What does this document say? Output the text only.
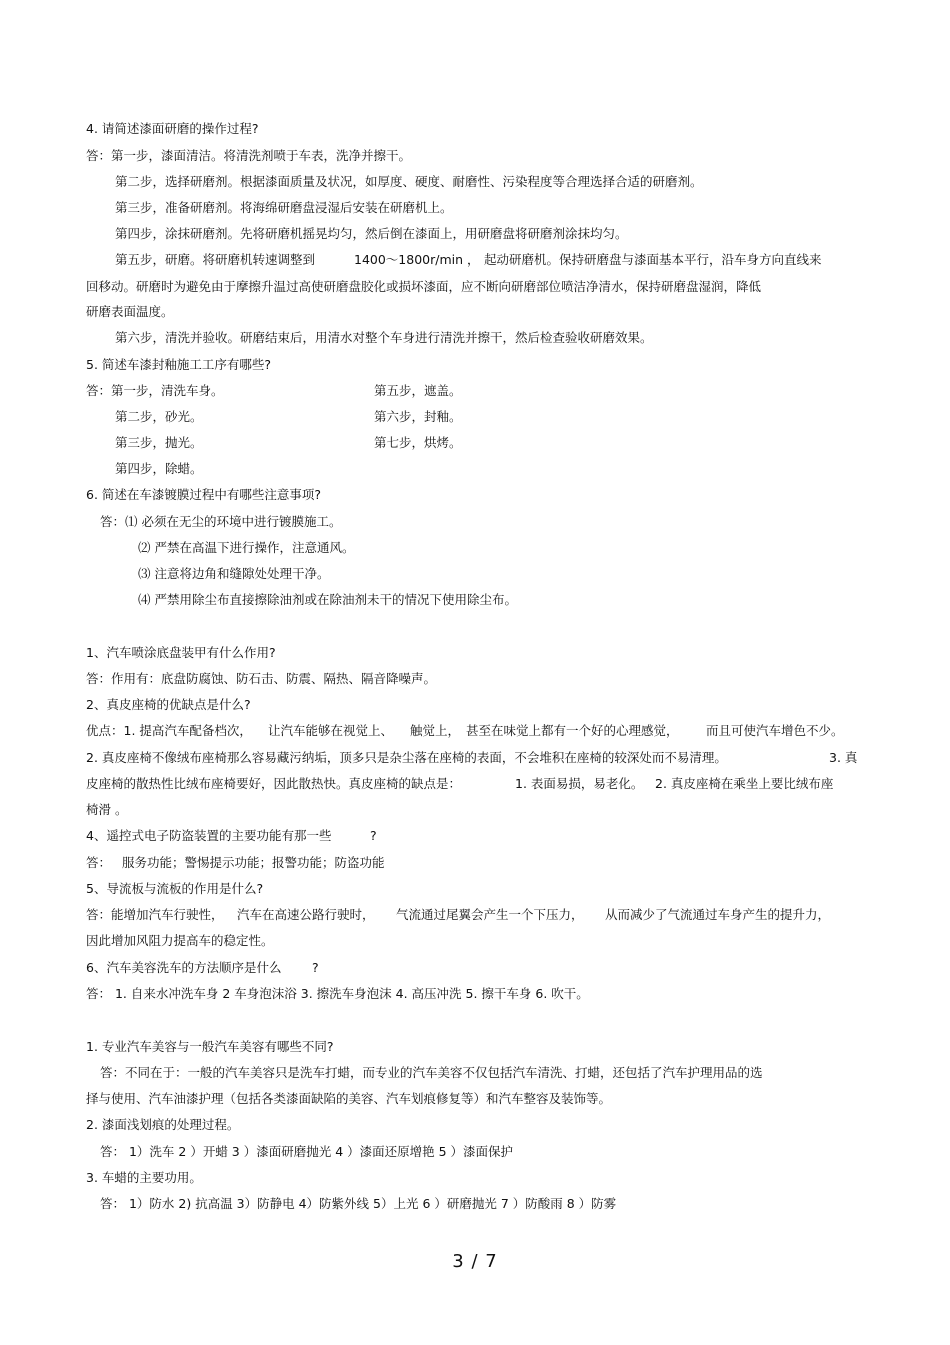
4. 请简述漆面研磨的操作过程?

答：第一步，漆面清洁。将清洗剂喷于车表，洗净并擦干。

第二步，选择研磨剂。根据漆面质量及状况，如厚度、硬度、耐磨性、污染程度等合理选择合适的研磨剂。

第三步，准备研磨剂。将海绵研磨盘浸湿后安装在研磨机上。

第四步，涂抹研磨剂。先将研磨机摇晃均匀，然后倒在漆面上，用研磨盘将研磨剂涂抹均匀。

第五步，研磨。将研磨机转速调整到	1400～1800r/min ， 起动研磨机。保持研磨盘与漆面基本平行，沿车身方向直线来

回移动。研磨时为避免由于摩擦升温过高使研磨盘胶化或损坏漆面，应不断向研磨部位喷洁净清水，保持研磨盘湿润，降低

研磨表面温度。

第六步，清洗并验收。研磨结束后，用清水对整个车身进行清洗并擦干，然后检查验收研磨效果。

5. 简述车漆封釉施工工序有哪些?

答：第一步，清洗车身。	第五步，遮盖。

第二步，砂光。	第六步，封釉。

第三步，抛光。	第七步，烘烤。

第四步，除蜡。

6. 简述在车漆镀膜过程中有哪些注意事项?

答：⑴ 必须在无尘的环境中进行镀膜施工。

⑵ 严禁在高温下进行操作，注意通风。

⑶ 注意将边角和缝隙处处理干净。

⑷ 严禁用除尘布直接擦除油剂或在除油剂未干的情况下使用除尘布。

1、汽车喷涂底盘装甲有什么作用?

答：作用有：底盘防腐蚀、防石击、防震、隔热、隔音降噪声。

2、真皮座椅的优缺点是什么?

优点：1. 提高汽车配备档次， 让汽车能够在视觉上、 触觉上， 甚至在味觉上都有一个好的心理感觉， 而且可使汽车增色不少。

2. 真皮座椅不像绒布座椅那么容易藏污纳垢，顶多只是杂尘落在座椅的表面，不会堆积在座椅的较深处而不易清理。	3. 真

皮座椅的散热性比绒布座椅要好，因此散热快。真皮座椅的缺点是：	1. 表面易损，易老化。 2. 真皮座椅在乘坐上要比绒布座

椅滑 。

4、遥控式电子防盗装置的主要功能有那一些	?

答： 服务功能；警惕提示功能；报警功能；防盗功能

5、导流板与流板的作用是什么?

答：能增加汽车行驶性， 汽车在高速公路行驶时， 气流通过尾翼会产生一个下压力， 从而减少了气流通过车身产生的提升力，

因此增加风阻力提高车的稳定性。

6、汽车美容洗车的方法顺序是什么 ?

答： 1. 自来水冲洗车身 2 车身泡沫浴 3. 擦洗车身泡沫 4. 高压冲洗 5. 擦干车身 6. 吹干。

1. 专业汽车美容与一般汽车美容有哪些不同?

答：不同在于：一般的汽车美容只是洗车打蜡，而专业的汽车美容不仅包括汽车清洗、打蜡，还包括了汽车护理用品的选

择与使用、汽车油漆护理（包括各类漆面缺陷的美容、汽车划痕修复等）和汽车整容及装饰等。

2. 漆面浅划痕的处理过程。

答： 1）洗车 2 ）开蜡 3 ）漆面研磨抛光 4 ）漆面还原增艳 5 ）漆面保护

3. 车蜡的主要功用。

答： 1）防水 2) 抗高温 3）防静电 4）防紫外线 5）上光 6 ）研磨抛光 7 ）防酸雨 8 ）防雾

3 / 7
